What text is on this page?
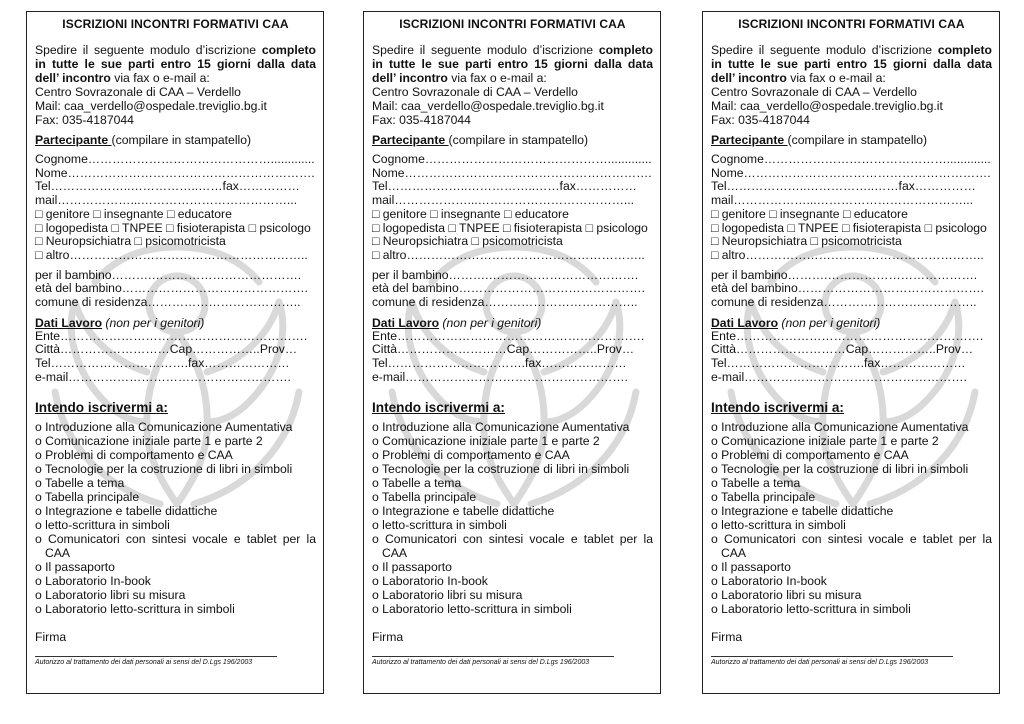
ISCRIZIONI INCONTRI FORMATIVI CAA
Spedire il seguente modulo d’iscrizione completo in tutte le sue parti entro 15 giorni dalla data dell’ incontro via fax o e-mail a:
Centro Sovrazonale di CAA – Verdello
Mail: caa_verdello@ospedale.treviglio.bg.it
Fax: 035-4187044
Partecipante (compilare in stampatello)
Cognome……………………………………….............
Nome…………………………………………………….
Tel………………..……………..……fax……………
mail………………...………………………………...
□ genitore □ insegnante □ educatore
□ logopedista □ TNPEE □ fisioterapista □ psicologo
□ Neuropsichiatra □ psicomotricista
□ altro…………………………………………………..
per il bambino……….……………………………….
età del bambino……………………………………….
comune di residenza………………………………..
Dati Lavoro (non per i genitori)
Ente…………………………………………………….
Città………………………Cap……………..Prov…
Tel…………………………….fax…………………
e-mail……………………………………………….
Intendo iscrivermi a:
o Introduzione alla Comunicazione Aumentativa
o Comunicazione iniziale parte 1 e parte 2
o Problemi di comportamento e CAA
o Tecnologie per la costruzione di libri in simboli
o Tabelle a tema
o Tabella principale
o Integrazione e tabelle didattiche
o letto-scrittura in simboli
o Comunicatori con sintesi vocale e tablet per la CAA
o Il passaporto
o Laboratorio In-book
o Laboratorio libri su misura
o Laboratorio letto-scrittura in simboli
Firma
Autorizzo al trattamento dei dati personali ai sensi del D.Lgs 196/2003
ISCRIZIONI INCONTRI FORMATIVI CAA
Spedire il seguente modulo d’iscrizione completo in tutte le sue parti entro 15 giorni dalla data dell’ incontro via fax o e-mail a:
Centro Sovrazonale di CAA – Verdello
Mail: caa_verdello@ospedale.treviglio.bg.it
Fax: 035-4187044
Partecipante (compilare in stampatello)
Cognome……………………………………….............
Nome…………………………………………………….
Tel………………..……………..……fax……………
mail………………...………………………………...
□ genitore □ insegnante □ educatore
□ logopedista □ TNPEE □ fisioterapista □ psicologo
□ Neuropsichiatra □ psicomotricista
□ altro…………………………………………………..
per il bambino……….……………………………….
età del bambino……………………………………….
comune di residenza………………………………..
Dati Lavoro (non per i genitori)
Ente…………………………………………………….
Città………………………Cap……………..Prov…
Tel…………………………….fax…………………
e-mail……………………………………………….
Intendo iscrivermi a:
o Introduzione alla Comunicazione Aumentativa
o Comunicazione iniziale parte 1 e parte 2
o Problemi di comportamento e CAA
o Tecnologie per la costruzione di libri in simboli
o Tabelle a tema
o Tabella principale
o Integrazione e tabelle didattiche
o letto-scrittura in simboli
o Comunicatori con sintesi vocale e tablet per la CAA
o Il passaporto
o Laboratorio In-book
o Laboratorio libri su misura
o Laboratorio letto-scrittura in simboli
Firma
Autorizzo al trattamento dei dati personali ai sensi del D.Lgs 196/2003
ISCRIZIONI INCONTRI FORMATIVI CAA
Spedire il seguente modulo d’iscrizione completo in tutte le sue parti entro 15 giorni dalla data dell’ incontro via fax o e-mail a:
Centro Sovrazonale di CAA – Verdello
Mail: caa_verdello@ospedale.treviglio.bg.it
Fax: 035-4187044
Partecipante (compilare in stampatello)
Cognome……………………………………….............
Nome…………………………………………………….
Tel………………..……………..……fax……………
mail………………...………………………………...
□ genitore □ insegnante □ educatore
□ logopedista □ TNPEE □ fisioterapista □ psicologo
□ Neuropsichiatra □ psicomotricista
□ altro…………………………………………………..
per il bambino……….……………………………….
età del bambino……………………………………….
comune di residenza………………………………..
Dati Lavoro (non per i genitori)
Ente…………………………………………………….
Città………………………Cap……………..Prov…
Tel…………………………….fax…………………
e-mail……………………………………………….
Intendo iscrivermi a:
o Introduzione alla Comunicazione Aumentativa
o Comunicazione iniziale parte 1 e parte 2
o Problemi di comportamento e CAA
o Tecnologie per la costruzione di libri in simboli
o Tabelle a tema
o Tabella principale
o Integrazione e tabelle didattiche
o letto-scrittura in simboli
o Comunicatori con sintesi vocale e tablet per la CAA
o Il passaporto
o Laboratorio In-book
o Laboratorio libri su misura
o Laboratorio letto-scrittura in simboli
Firma
Autorizzo al trattamento dei dati personali ai sensi del D.Lgs 196/2003
